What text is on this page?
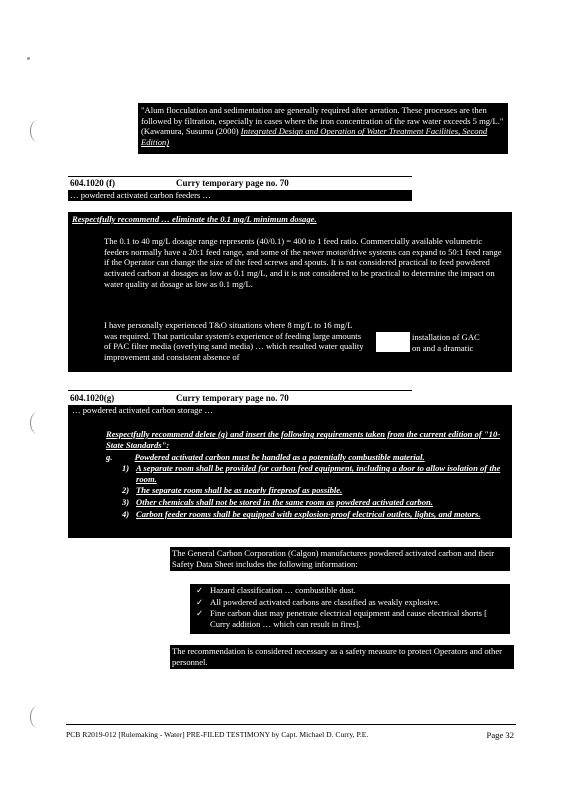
"Alum flocculation and sedimentation are generally required after aeration. These processes are then followed by filtration, especially in cases where the iron concentration of the raw water exceeds 5 mg/L." (Kawamura, Susumu (2000) Integrated Design and Operation of Water Treatment Facilities, Second Edition)
604.1020 (f)	Curry temporary page no. 70
… powdered activated carbon feeders …
Respectfully recommend … eliminate the 0.1 mg/L minimum dosage.
The 0.1 to 40 mg/L dosage range represents (40/0.1) = 400 to 1 feed ratio. Commercially available volumetric feeders normally have a 20:1 feed range, and some of the newer motor/drive systems can expand to 50:1 feed range if the Operator can change the size of the feed screws and spouts. It is not considered practical to feed powdered activated carbon at dosages as low as 0.1 mg/L, and it is not considered to be practical to determine the impact on water quality at dosage as low as 0.1 mg/L.
I have personally experienced T&O situations where 8 mg/L to 16 mg/L was required. That particular system's experience of feeding large amounts of PAC filter media (overlying sand media) … which resulted water quality improvement and consistent absence of
installation of GAC
on and a dramatic
604.1020(g)	Curry temporary page no. 70
… powdered activated carbon storage …
Respectfully recommend delete (g) and insert the following requirements taken from the current edition of "10-State Standards":
g.	Powdered activated carbon must be handled as a potentially combustible material.
1) A separate room shall be provided for carbon feed equipment, including a door to allow isolation of the room.
2) The separate room shall be as nearly fireproof as possible.
3) Other chemicals shall not be stored in the same room as powdered activated carbon.
4) Carbon feeder rooms shall be equipped with explosion-proof electrical outlets, lights, and motors.
The General Carbon Corporation (Calgon) manufactures powdered activated carbon and their Safety Data Sheet includes the following information:
✓ Hazard classification … combustible dust.
✓ All powdered activated carbons are classified as weakly explosive.
✓ Fine carbon dust may penetrate electrical equipment and cause electrical shorts [ Curry addition … which can result in fires].
The recommendation is considered necessary as a safety measure to protect Operators and other personnel.
PCB R2019-012 [Rulemaking - Water] PRE-FILED TESTIMONY by Capt. Michael D. Curry, P.E.	Page 32
